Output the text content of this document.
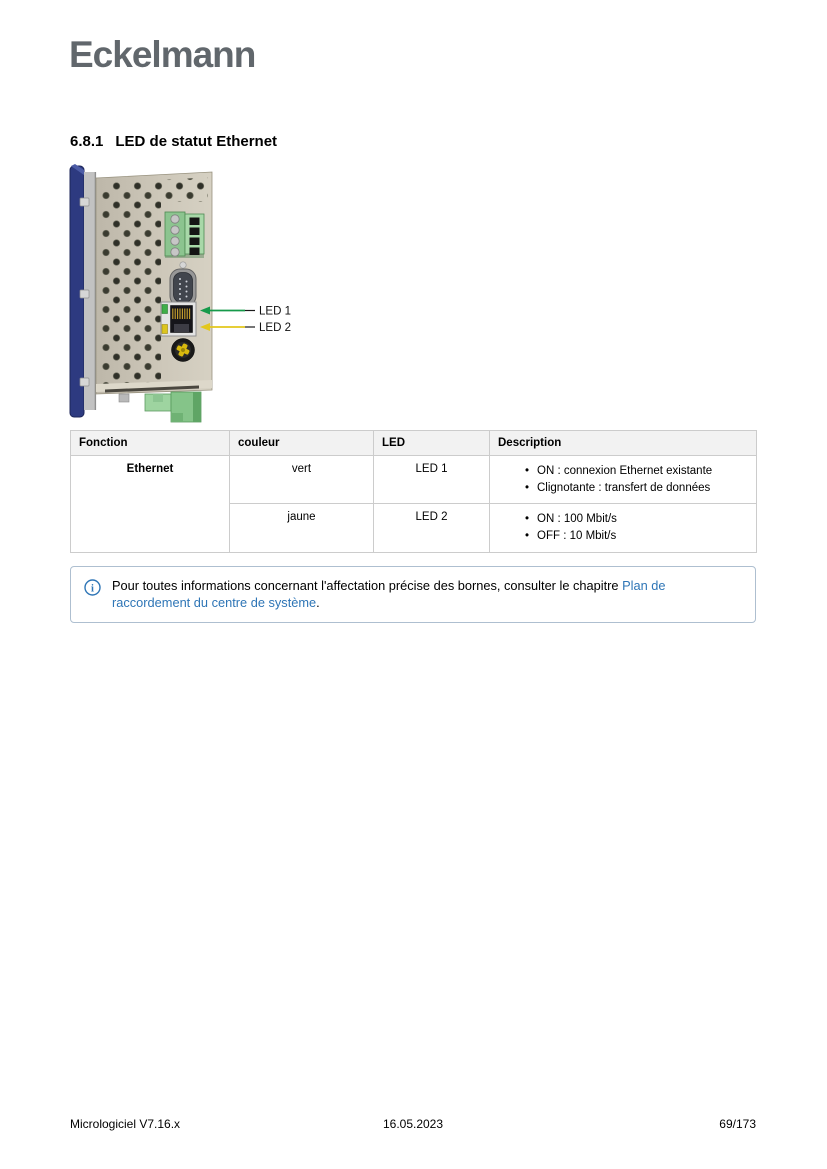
Eckelmann
6.8.1 LED de statut Ethernet
LED 1
LED 2
Fonction	couleur	LED	Description
Ethernet	vert	LED 1	
•ON : connexion Ethernet existante
• Clignotante : transfert de données

jaune	LED 2	
•ON : 100 Mbit/s
• OFF : 10 Mbit/s
i Pour toutes informations concernant l'affectation précise des bornes, consulter le chapitre Plan de raccordement du centre de système.

Micrologiciel V7.16.x	16.05.2023	69/173
